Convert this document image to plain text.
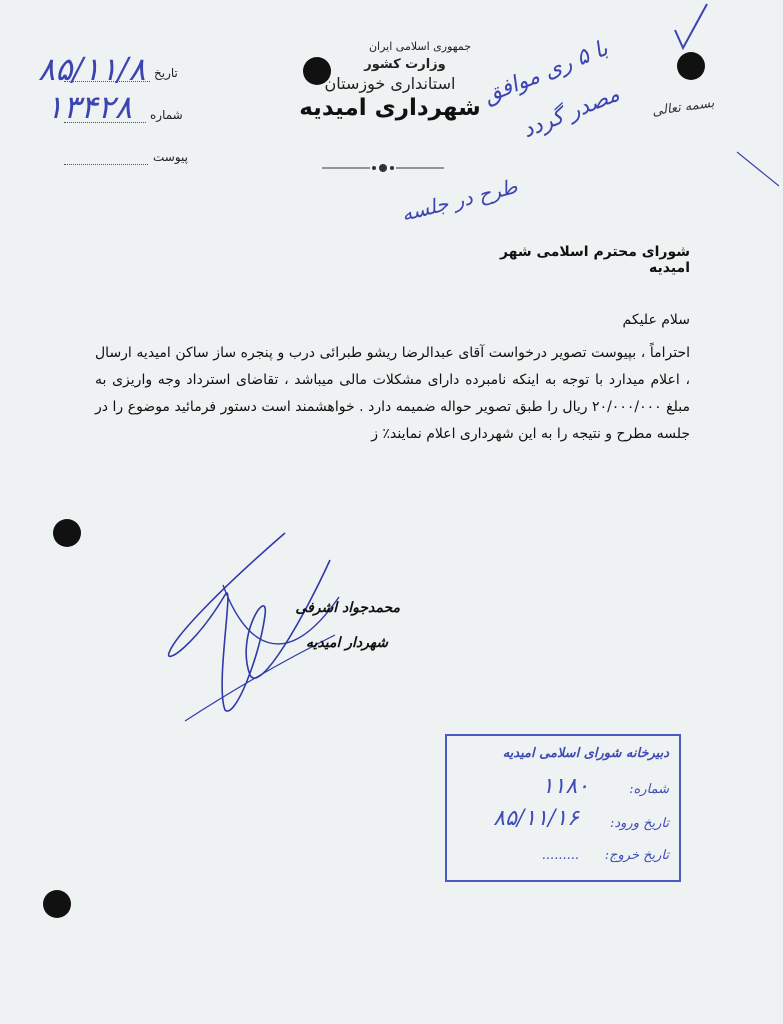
تاریخ
شماره
پیوست
۸۵/۱۱/۸
۱۳۴۲۸
جمهوری اسلامی ایران
وزارت کشور
استانداری خوزستان
شهرداری امیدیه	بسمه تعالی
با ۵ ری موافق
مصدر گردد
طرح در جلسه
شورای محترم اسلامی شهر امیدیه
سلام علیکم
احتراماً ، بپیوست تصویر درخواست آقای عبدالرضا ریشو طبرائی درب و پنجره ساز ساکن امیدیه ارسال ، اعلام میدارد با توجه به اینکه نامبرده دارای مشکلات مالی میباشد ، تقاضای استرداد وجه واریزی به مبلغ ۲۰/۰۰۰/۰۰۰ ریال را طبق تصویر حواله ضمیمه دارد . خواهشمند است دستور فرمائید موضوع را در جلسه مطرح و نتیجه را به این شهرداری اعلام نمایند٪ ز
محمدجواد اشرفی
شهردار امیدیه
دبیرخانه شورای اسلامی امیدیه
شماره:
۱۱۸۰
تاریخ ورود:
۸۵/۱۱/۱۶
تاریخ خروج:
.........
